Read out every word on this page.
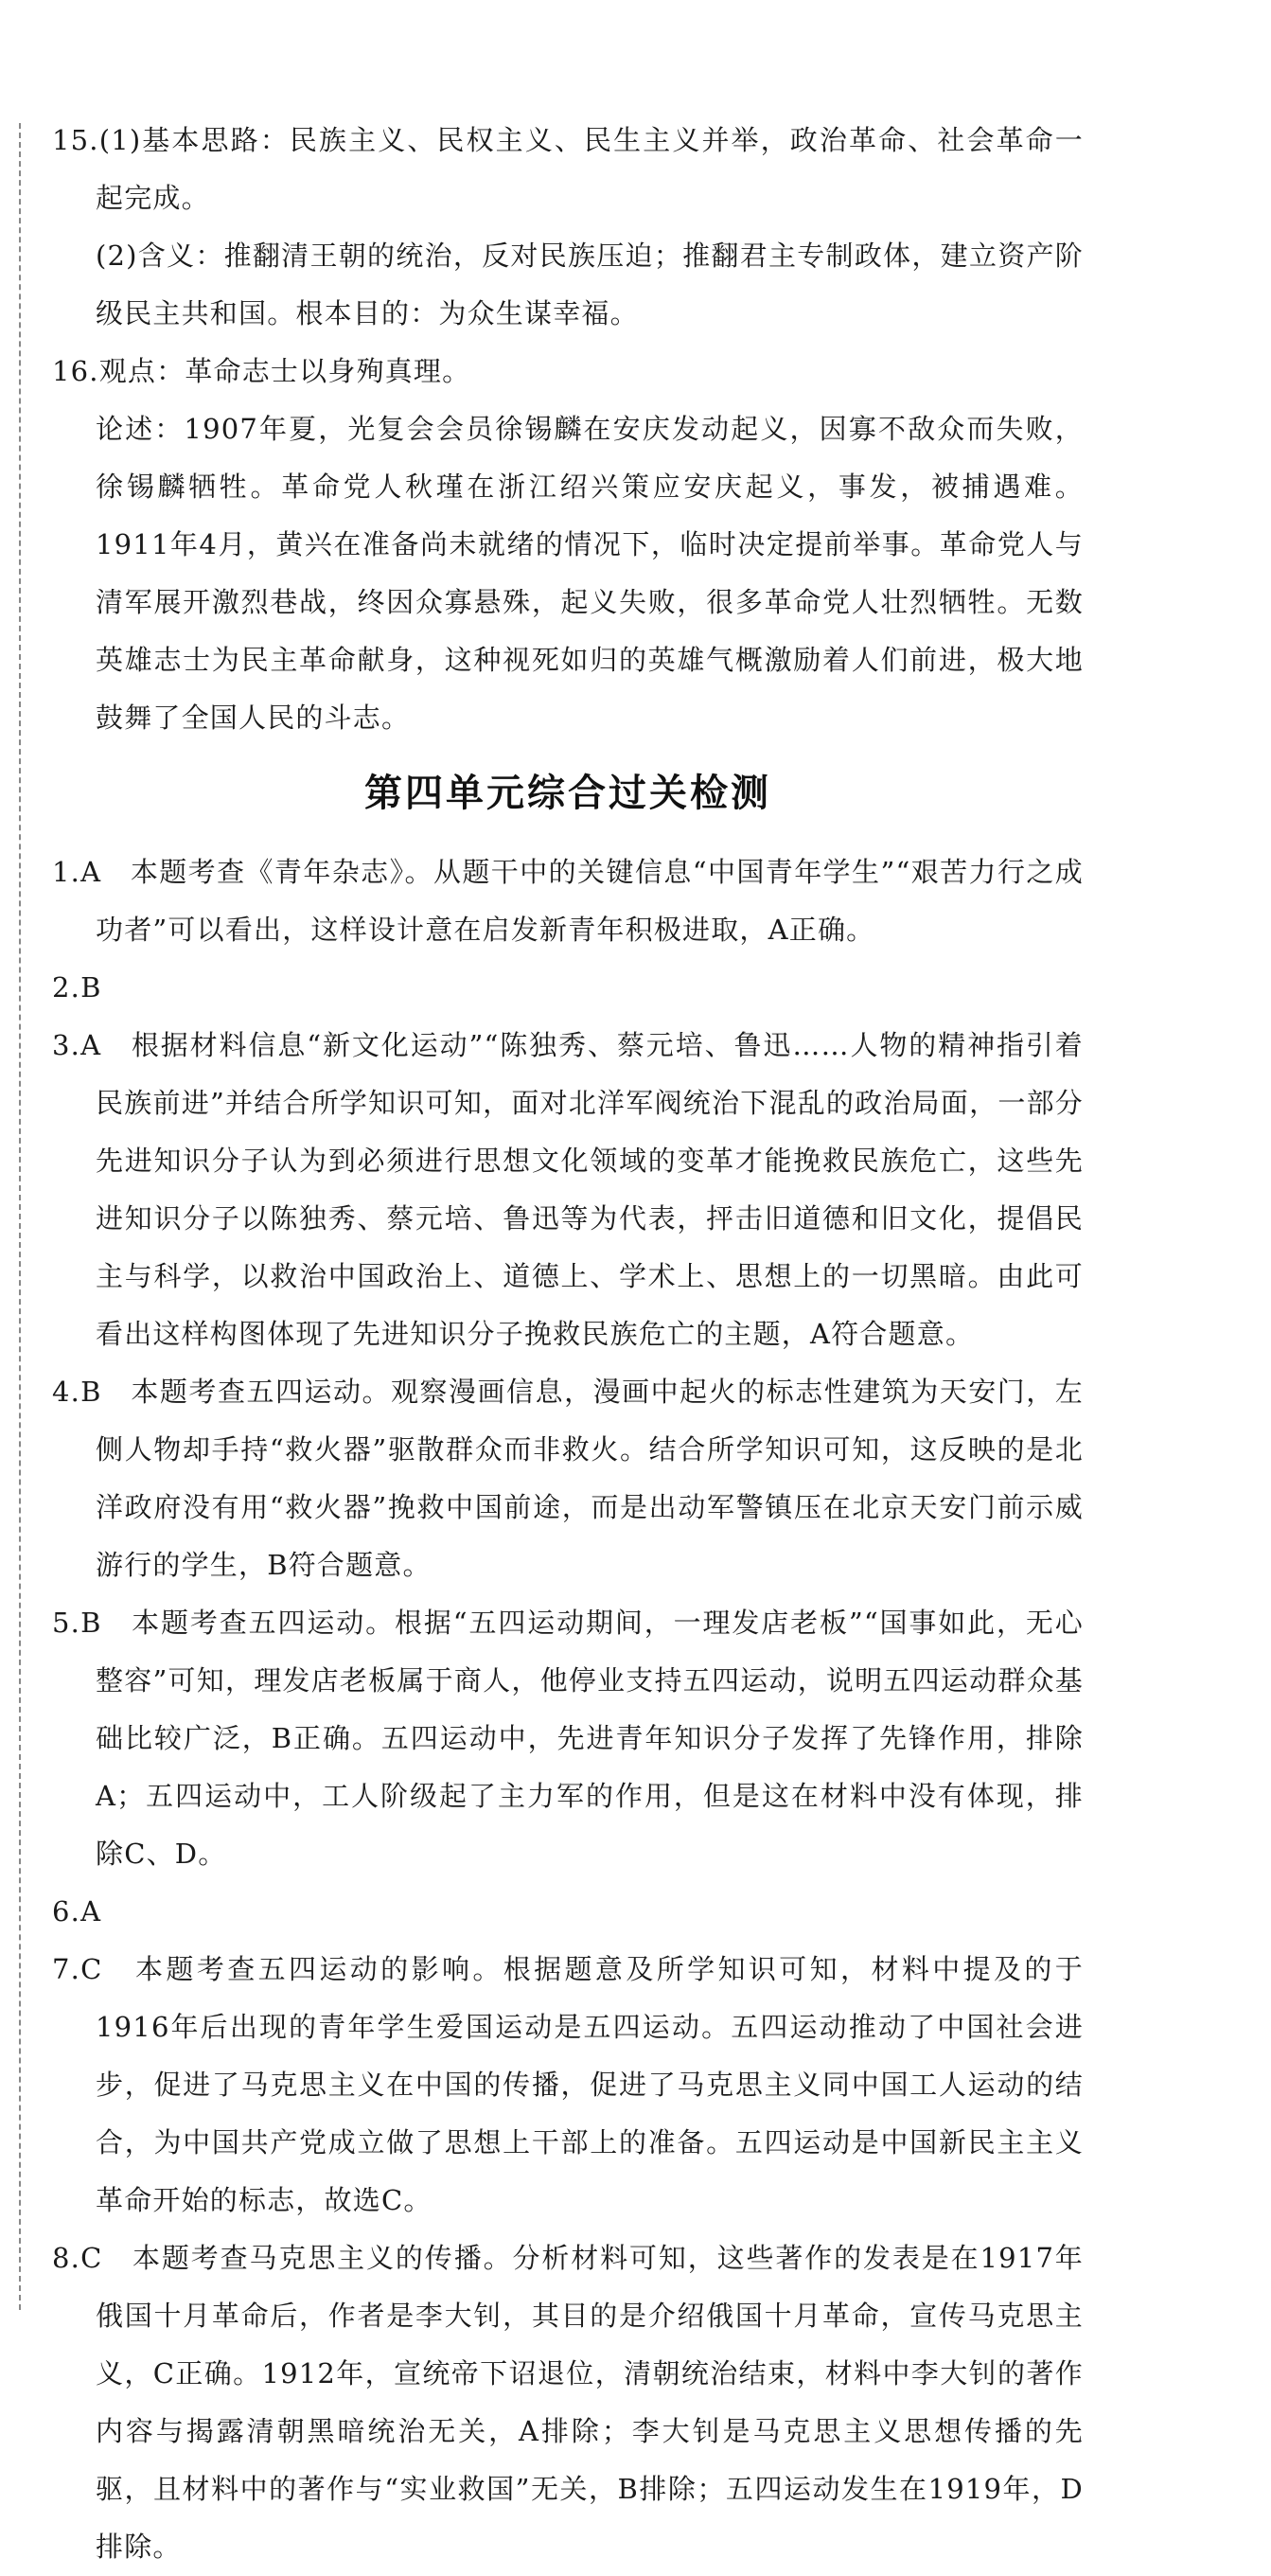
15.(1)基本思路：民族主义、民权主义、民生主义并举，政治革命、社会革命一起完成。

(2)含义：推翻清王朝的统治，反对民族压迫；推翻君主专制政体，建立资产阶级民主共和国。根本目的：为众生谋幸福。

16.观点：革命志士以身殉真理。

论述：1907年夏，光复会会员徐锡麟在安庆发动起义，因寡不敌众而失败，徐锡麟牺牲。革命党人秋瑾在浙江绍兴策应安庆起义，事发，被捕遇难。1911年4月，黄兴在准备尚未就绪的情况下，临时决定提前举事。革命党人与清军展开激烈巷战，终因众寡悬殊，起义失败，很多革命党人壮烈牺牲。无数英雄志士为民主革命献身，这种视死如归的英雄气概激励着人们前进，极大地鼓舞了全国人民的斗志。

第四单元综合过关检测

1.A　本题考查《青年杂志》。从题干中的关键信息“中国青年学生”“艰苦力行之成功者”可以看出，这样设计意在启发新青年积极进取，A正确。

2.B

3.A　根据材料信息“新文化运动”“陈独秀、蔡元培、鲁迅……人物的精神指引着民族前进”并结合所学知识可知，面对北洋军阀统治下混乱的政治局面，一部分先进知识分子认为到必须进行思想文化领域的变革才能挽救民族危亡，这些先进知识分子以陈独秀、蔡元培、鲁迅等为代表，抨击旧道德和旧文化，提倡民主与科学，以救治中国政治上、道德上、学术上、思想上的一切黑暗。由此可看出这样构图体现了先进知识分子挽救民族危亡的主题，A符合题意。

4.B　本题考查五四运动。观察漫画信息，漫画中起火的标志性建筑为天安门，左侧人物却手持“救火器”驱散群众而非救火。结合所学知识可知，这反映的是北洋政府没有用“救火器”挽救中国前途，而是出动军警镇压在北京天安门前示威游行的学生，B符合题意。

5.B　本题考查五四运动。根据“五四运动期间，一理发店老板”“国事如此，无心整容”可知，理发店老板属于商人，他停业支持五四运动，说明五四运动群众基础比较广泛，B正确。五四运动中，先进青年知识分子发挥了先锋作用，排除A；五四运动中，工人阶级起了主力军的作用，但是这在材料中没有体现，排除C、D。

6.A

7.C　本题考查五四运动的影响。根据题意及所学知识可知，材料中提及的于1916年后出现的青年学生爱国运动是五四运动。五四运动推动了中国社会进步，促进了马克思主义在中国的传播，促进了马克思主义同中国工人运动的结合，为中国共产党成立做了思想上干部上的准备。五四运动是中国新民主主义革命开始的标志，故选C。

8.C　本题考查马克思主义的传播。分析材料可知，这些著作的发表是在1917年俄国十月革命后，作者是李大钊，其目的是介绍俄国十月革命，宣传马克思主义，C正确。1912年，宣统帝下诏退位，清朝统治结束，材料中李大钊的著作内容与揭露清朝黑暗统治无关，A排除；李大钊是马克思主义思想传播的先驱，且材料中的著作与“实业救国”无关，B排除；五四运动发生在1919年，D排除。
